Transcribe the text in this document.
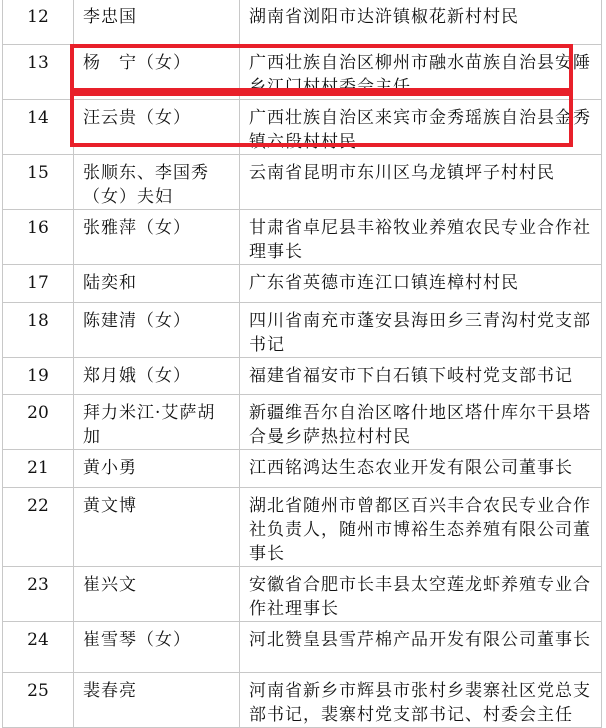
12	李忠国	湖南省浏阳市达浒镇椒花新村村民
13	杨　宁（女）	广西壮族自治区柳州市融水苗族自治县安陲乡江门村村委会主任
14	汪云贵（女）	广西壮族自治区来宾市金秀瑶族自治县金秀镇六段村村民
15	张顺东、李国秀（女）夫妇	云南省昆明市东川区乌龙镇坪子村村民
16	张雅萍（女）	甘肃省卓尼县丰裕牧业养殖农民专业合作社理事长
17	陆奕和	广东省英德市连江口镇连樟村村民
18	陈建清（女）	四川省南充市蓬安县海田乡三青沟村党支部书记
19	郑月娥（女）	福建省福安市下白石镇下岐村党支部书记
20	拜力米江·艾萨胡加	新疆维吾尔自治区喀什地区塔什库尔干县塔合曼乡萨热拉村村民
21	黄小勇	江西铭鸿达生态农业开发有限公司董事长
22	黄文博	湖北省随州市曾都区百兴丰合农民专业合作社负责人，随州市博裕生态养殖有限公司董事长
23	崔兴文	安徽省合肥市长丰县太空莲龙虾养殖专业合作社理事长
24	崔雪琴（女）	河北赞皇县雪芹棉产品开发有限公司董事长
25	裴春亮	河南省新乡市辉县市张村乡裴寨社区党总支部书记，裴寨村党支部书记、村委会主任
